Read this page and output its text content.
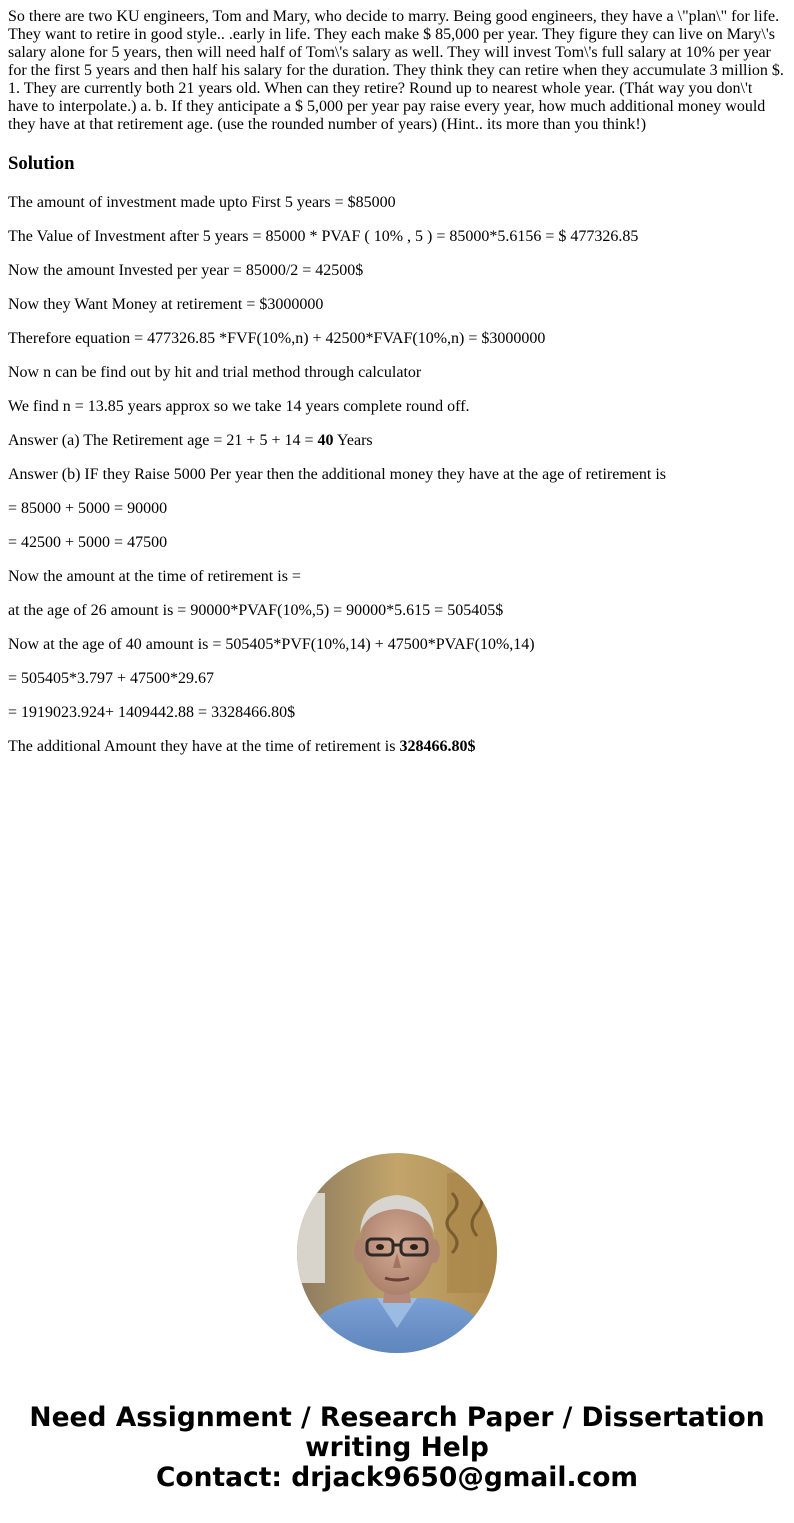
So there are two KU engineers, Tom and Mary, who decide to marry. Being good engineers, they have a \"plan\" for life. They want to retire in good style.. .early in life. They each make $ 85,000 per year. They figure they can live on Mary\'s salary alone for 5 years, then will need half of Tom\'s salary as well. They will invest Tom\'s full salary at 10% per year for the first 5 years and then half his salary for the duration. They think they can retire when they accumulate 3 million $. 1. They are currently both 21 years old. When can they retire? Round up to nearest whole year. (Thát way you don\'t have to interpolate.) a. b. If they anticipate a $ 5,000 per year pay raise every year, how much additional money would they have at that retirement age. (use the rounded number of years) (Hint.. its more than you think!)

Solution

The amount of investment made upto First 5 years = $85000

The Value of Investment after 5 years = 85000 * PVAF ( 10% , 5 ) = 85000*5.6156 = $ 477326.85

Now the amount Invested per year = 85000/2 = 42500$

Now they Want Money at retirement = $3000000

Therefore equation = 477326.85 *FVF(10%,n) + 42500*FVAF(10%,n) = $3000000

Now n can be find out by hit and trial method through calculator

We find n = 13.85 years approx so we take 14 years complete round off.

Answer (a) The Retirement age = 21 + 5 + 14 = 40 Years

Answer (b) IF they Raise 5000 Per year then the additional money they have at the age of retirement is

= 85000 + 5000 = 90000

= 42500 + 5000 = 47500

Now the amount at the time of retirement is =

at the age of 26 amount is = 90000*PVAF(10%,5) = 90000*5.615 = 505405$

Now at the age of 40 amount is = 505405*PVF(10%,14) + 47500*PVAF(10%,14)

= 505405*3.797 + 47500*29.67

= 1919023.924+ 1409442.88 = 3328466.80$

The additional Amount they have at the time of retirement is 328466.80$

Need Assignment / Research Paper / Dissertation
writing Help
Contact: drjack9650@gmail.com
